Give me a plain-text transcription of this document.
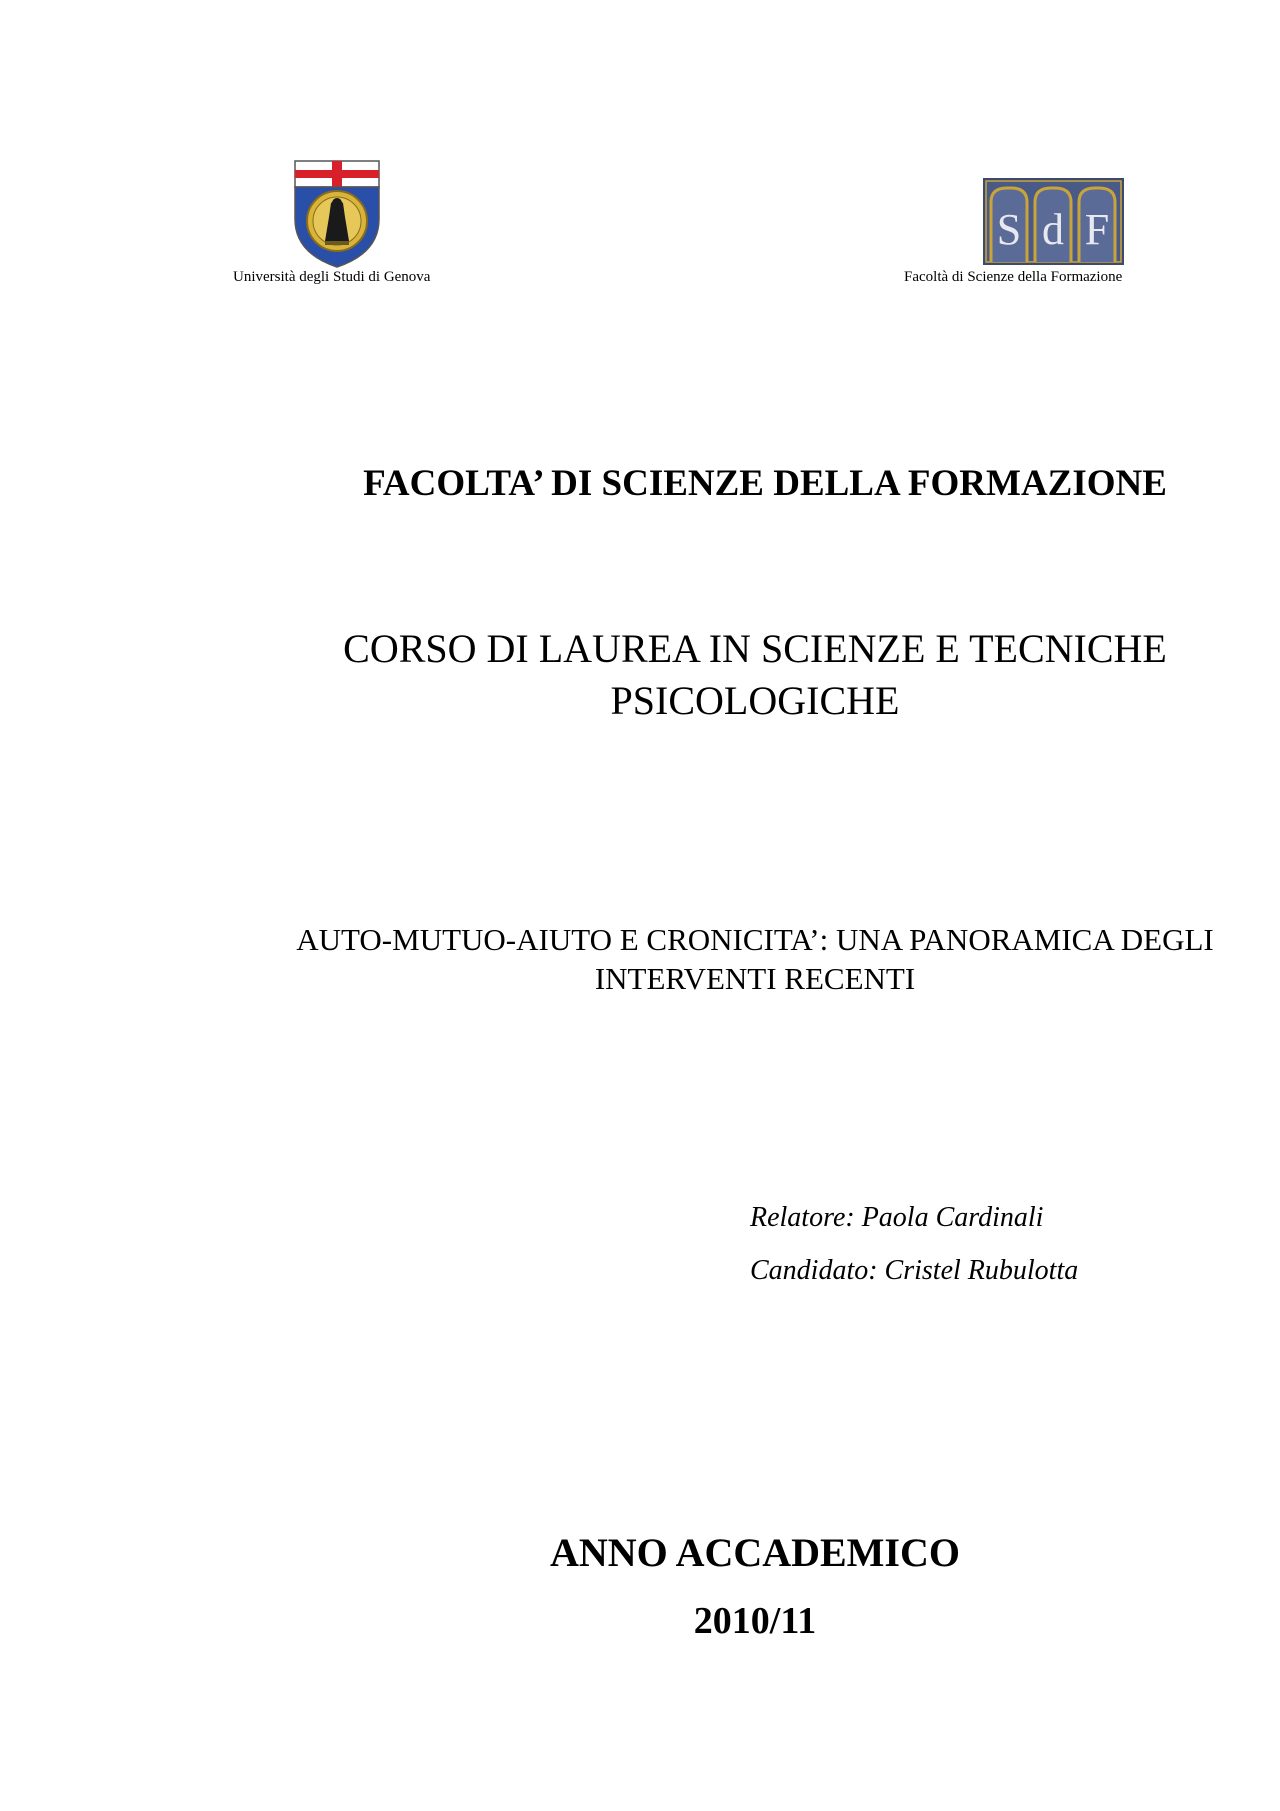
Università degli Studi di Genova
S d F
Facoltà di Scienze della Formazione
FACOLTA’ DI SCIENZE DELLA FORMAZIONE
CORSO DI LAUREA IN SCIENZE E TECNICHE
PSICOLOGICHE
AUTO-MUTUO-AIUTO E CRONICITA’: UNA PANORAMICA DEGLI
INTERVENTI RECENTI
Relatore: Paola Cardinali
Candidato: Cristel Rubulotta
ANNO ACCADEMICO
2010/11
